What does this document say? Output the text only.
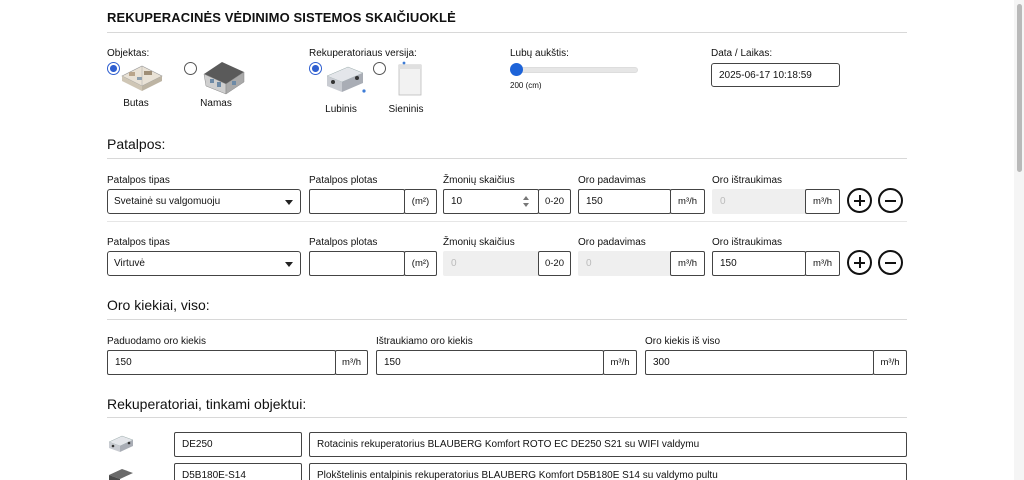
REKUPERACINĖS VĖDINIMO SISTEMOS SKAIČIUOKLĖ
Objektas:
Butas	Namas
Rekuperatoriaus versija:
Lubinis	Sieninis
Lubų aukštis:
200 (cm)
Data / Laikas:
2025-06-17 10:18:59
Patalpos:
Patalpos tipas	Patalpos plotas	Žmonių skaičius	Oro padavimas	Oro ištraukimas
Svetainė su valgomuoju	(m²)	10	0-20	150	m³/h	0	m³/h
Patalpos tipas	Patalpos plotas	Žmonių skaičius	Oro padavimas	Oro ištraukimas
Virtuvė	(m²)	0	0-20	0	m³/h	150	m³/h
Oro kiekiai, viso:
Paduodamo oro kiekis
150	m³/h
Ištraukiamo oro kiekis
150	m³/h
Oro kiekis iš viso
300	m³/h
Rekuperatoriai, tinkami objektui:
DE250	Rotacinis rekuperatorius BLAUBERG Komfort ROTO EC DE250 S21 su WIFI valdymu
D5B180E-S14	Plokštelinis entalpinis rekuperatorius BLAUBERG Komfort D5B180E S14 su valdymo pultu
